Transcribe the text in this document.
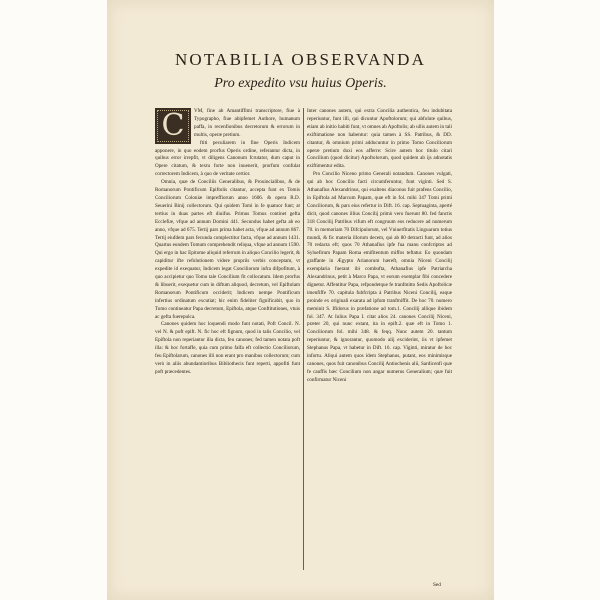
NOTABILIA OBSERVANDA
Pro expedito vsu huius Operis.

C	VM, fine ab Amantiffimi transcriptore, fiue à Typographo, fiue abipfemet Authore, humanum paffa, in recenfionibus decretorum & errorum in multis, operæ pretium.

ftiti peculiarem in fine Operis Indicem apponere, in quo eodem prorfus Operis ordine, referantur dicta, in quibus error irrepfit, vt diligens Canonum fcrutator, dum caput in Opere citatum, & textu forte non inuenerit, prorfum confulat correctorem Indicem, à quo de veritate certior.

Omnia, quæ de Conciliis Generalibus, & Prouincialibus, & de Romanorum Pontificum Epiftolis citantur, accepta funt ex Tomis Conciliorum Coloniæ impreffiorum anno 1606. & opera R.D. Seuerini Binij collectorum. Qui quidem Tomi in fe quatuor funt; at tertius in duas partes eft diuifus. Primus Tomus continet gefta Ecclefiæ, vfque ad annum Domini 441. Secundus habet gefta ab eo anno, vfque ad 675. Tertij pars prima habet acta, vfque ad annum 867. Tertij eiufdem pars fecunda complectitur facta, vfque ad annum 1431. Quartus eundem Tomum comprehendit reliqua, vfque ad annum 1590. Qui ergo in hac Epitome aliquid referrum in aliquo Concilio legerit, & capiditur ifte refolutionem videre propriis verbis conceptam, vt expedite id exequatur, Indicem legat Conciliorum infra difpofitum, à quo accipietur quo Tomo tale Concilium fit collocatum. Idem prorfus & libuerit, exequetur cum in diftum aliquod, decretum, vel Epiftolam Romanorum Pontificum occiderit; Indicem nempe Pontificum infertius ordinatum excutiat; hic enim fideliter fignificabit, quo in Tomo contineatur Papa decretum, Epiftola, atque Conftitutiones, vtuis ac gefta fuerepulca.

Canones quidem hoc loquendi modo funt notati, Poft Concil. N. vel N. & poft epift. N. fic hoc eft fignum, quod in talis Concilio, vel Epiftola non reperiantur illa dicta, feu canones; fed tamen notata poft illa: & hoc fortaffe, quia cum primo falfa eft collectio Conciliorum, feu Epiftolarum, canones illi non erant pro manibus collectorum; cum verò in aliis abundantioribus Bibliothecis funt reperti, appofiti funt poft præcedentes.

Inter canones autem, qui extra Concilia authentica, feu indubitata reperiuntur, funt illi, qui dicuntur Apoftolorum; qui abfolute quibus, etiam ab initio habiti funt, vt omnes ab Apoftolis; ab ullis autem in tali exiftimatione non habentur: quia tamen à SS. Patribus, & DD. citantur, & omnium primi adducuntur in primo Tomo Conciliorum operæ pretium duxi eos afferre: Scire autem hoc titulo citari Concilium (quod dicitur) Apoftolorum, quod quidem ab ijs adnotatis exiftimentur edita.

Pro Concilio Niceno primo Generali notandum. Canones vulgati, qui ab hoc Concilio facti circumferuntur, funt viginti. Sed S. Athanafius Alexandrinus, qui exaltens diaconus fuit prafens Concilio, in Epiftola ad Marcum Papam, quæ eft in fol. mihi 347 Tomi primi Conciliorum, & pars eius refertur in Dift. 16. cap. Septuaginta, aperté dicit, quod canones illius Concilij primò vero fuerunt 80. fed fanctis 318 Concilij Patribus vifum eft congruum eos reducere ad numerum 70. in memoriam 70 Difcipulorum, vel Vniuerfitatis Linguarum totius mundi, & fic materia illorum decem, qui ab 80 detracti funt, ad alios 70 redacta eft; quos 70 Athanafius ipfe fua manu confcriptos ad Syluefirum Papam Roma emifitentum miffos teftatur. Eo quondam graffante in Ægypto Arianorum hæreft, omnia Niceni Concilij exemplaria fuerant ibi combufta, Athanafius ipfe Patriarcha Alexandrinus, petit à Marco Papa, vt eorum exemplar fibi concedere dignetur. Affentitur Papa, refpondetque fe tranfmitto Sedis Apoftolicæ imenfiffe 70. capitula fubfcripta à Patribus Niceni Concilij, eaque proinde ex originali exarata ad ipfum tranfmiffit. De hoc 70. numero meminit S. Ifidorus in præfatione ad tom.1. Concilij allique ibidem fol. 347. At Iulius Papa I. citat alios 24. canones Concilij Niceni, præter 20, qui nunc extant, ita in epift.2. quæ eft in Tomo 1. Conciliorum fol. mihi 348. & feqq. Nunc autem 20. tantum reperiuntur, & ignorantur, quomodo alij exciderint, iis vt ipfemet Stephanus Papa, vt habetur in Dift. 16. cap. Viginti, miratur de hoc infortu. Aliqui autem quos idem Stephanus, putant, eos minimisque canones, quos fuit canonibus Concilij Antiochenis alii, Sardicenfi quæ fe cauffis bæc Concilium non angar numerus Generalium; quæ fuit confirmatur Niceni

Sed
